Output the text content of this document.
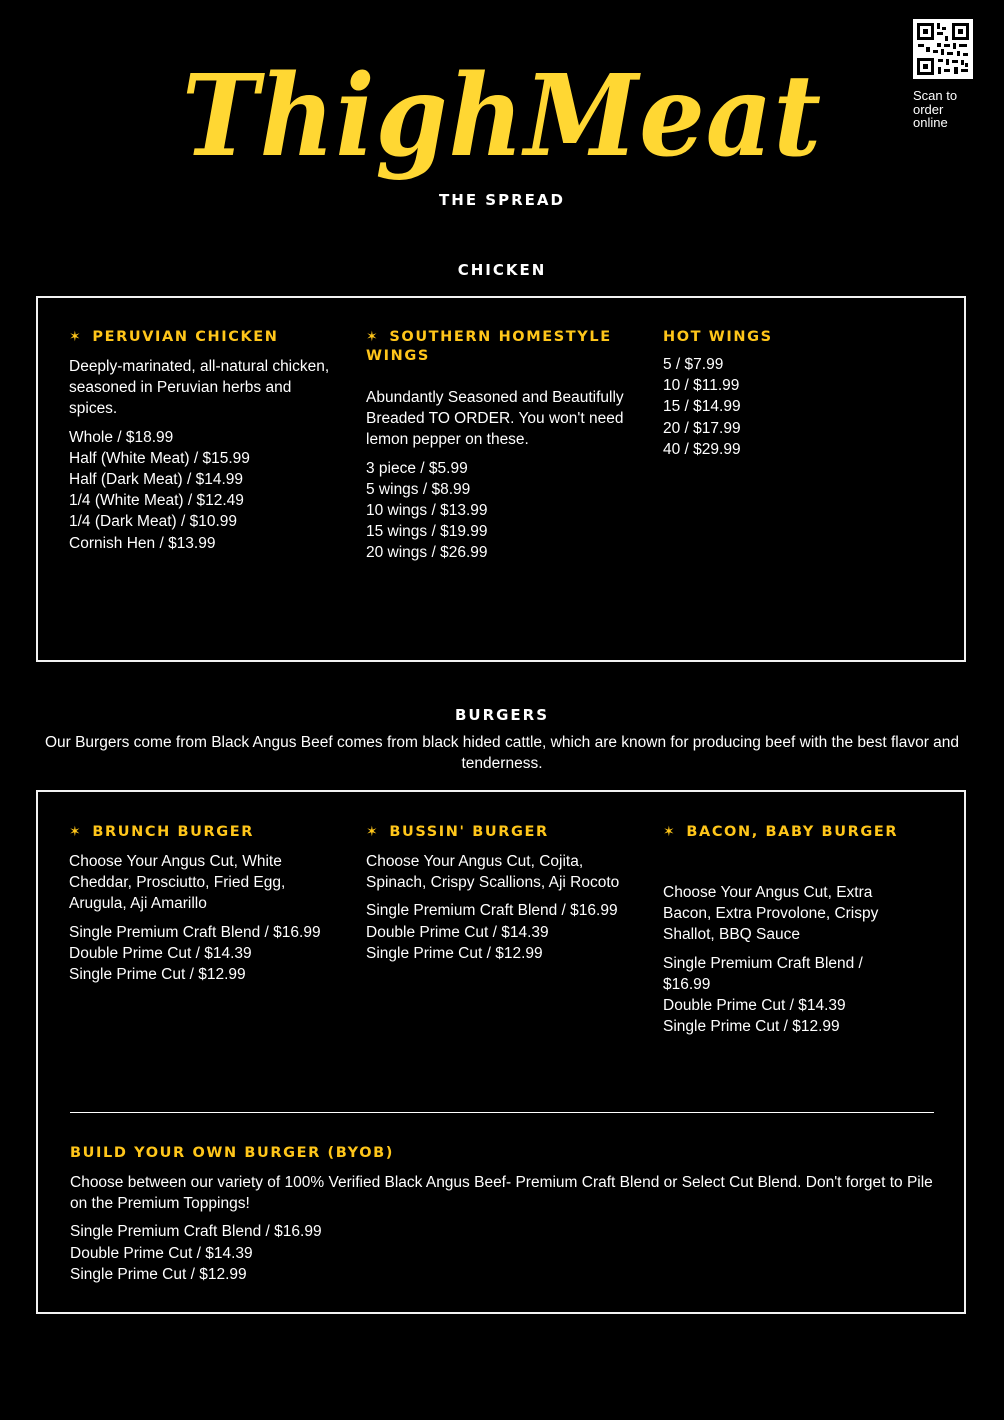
ThighMeat
THE SPREAD
Scan to
order
online
CHICKEN
✶ PERUVIAN CHICKEN
Deeply-marinated, all-natural chicken, seasoned in Peruvian herbs and spices.
Whole / $18.99
Half (White Meat) / $15.99
Half (Dark Meat) / $14.99
1/4 (White Meat) / $12.49
1/4 (Dark Meat) / $10.99
Cornish Hen / $13.99
✶ SOUTHERN HOMESTYLE WINGS
Abundantly Seasoned and Beautifully Breaded TO ORDER. You won't need lemon pepper on these.
3 piece / $5.99
5 wings / $8.99
10 wings / $13.99
15 wings / $19.99
20 wings / $26.99
HOT WINGS
5 / $7.99
10 / $11.99
15 / $14.99
20 / $17.99
40 / $29.99
BURGERS
Our Burgers come from Black Angus Beef comes from black hided cattle, which are known for producing beef with the best flavor and tenderness.
✶ BRUNCH BURGER
Choose Your Angus Cut, White Cheddar, Prosciutto, Fried Egg, Arugula, Aji Amarillo
Single Premium Craft Blend / $16.99
Double Prime Cut / $14.39
Single Prime Cut / $12.99
✶ BUSSIN' BURGER
Choose Your Angus Cut, Cojita, Spinach, Crispy Scallions, Aji Rocoto
Single Premium Craft Blend / $16.99
Double Prime Cut / $14.39
Single Prime Cut / $12.99
✶ BACON, BABY BURGER
Choose Your Angus Cut, Extra Bacon, Extra Provolone, Crispy Shallot, BBQ Sauce
Single Premium Craft Blend / $16.99
Double Prime Cut / $14.39
Single Prime Cut / $12.99
BUILD YOUR OWN BURGER (BYOB)
Choose between our variety of 100% Verified Black Angus Beef- Premium Craft Blend or Select Cut Blend. Don't forget to Pile on the Premium Toppings!
Single Premium Craft Blend / $16.99
Double Prime Cut / $14.39
Single Prime Cut / $12.99
